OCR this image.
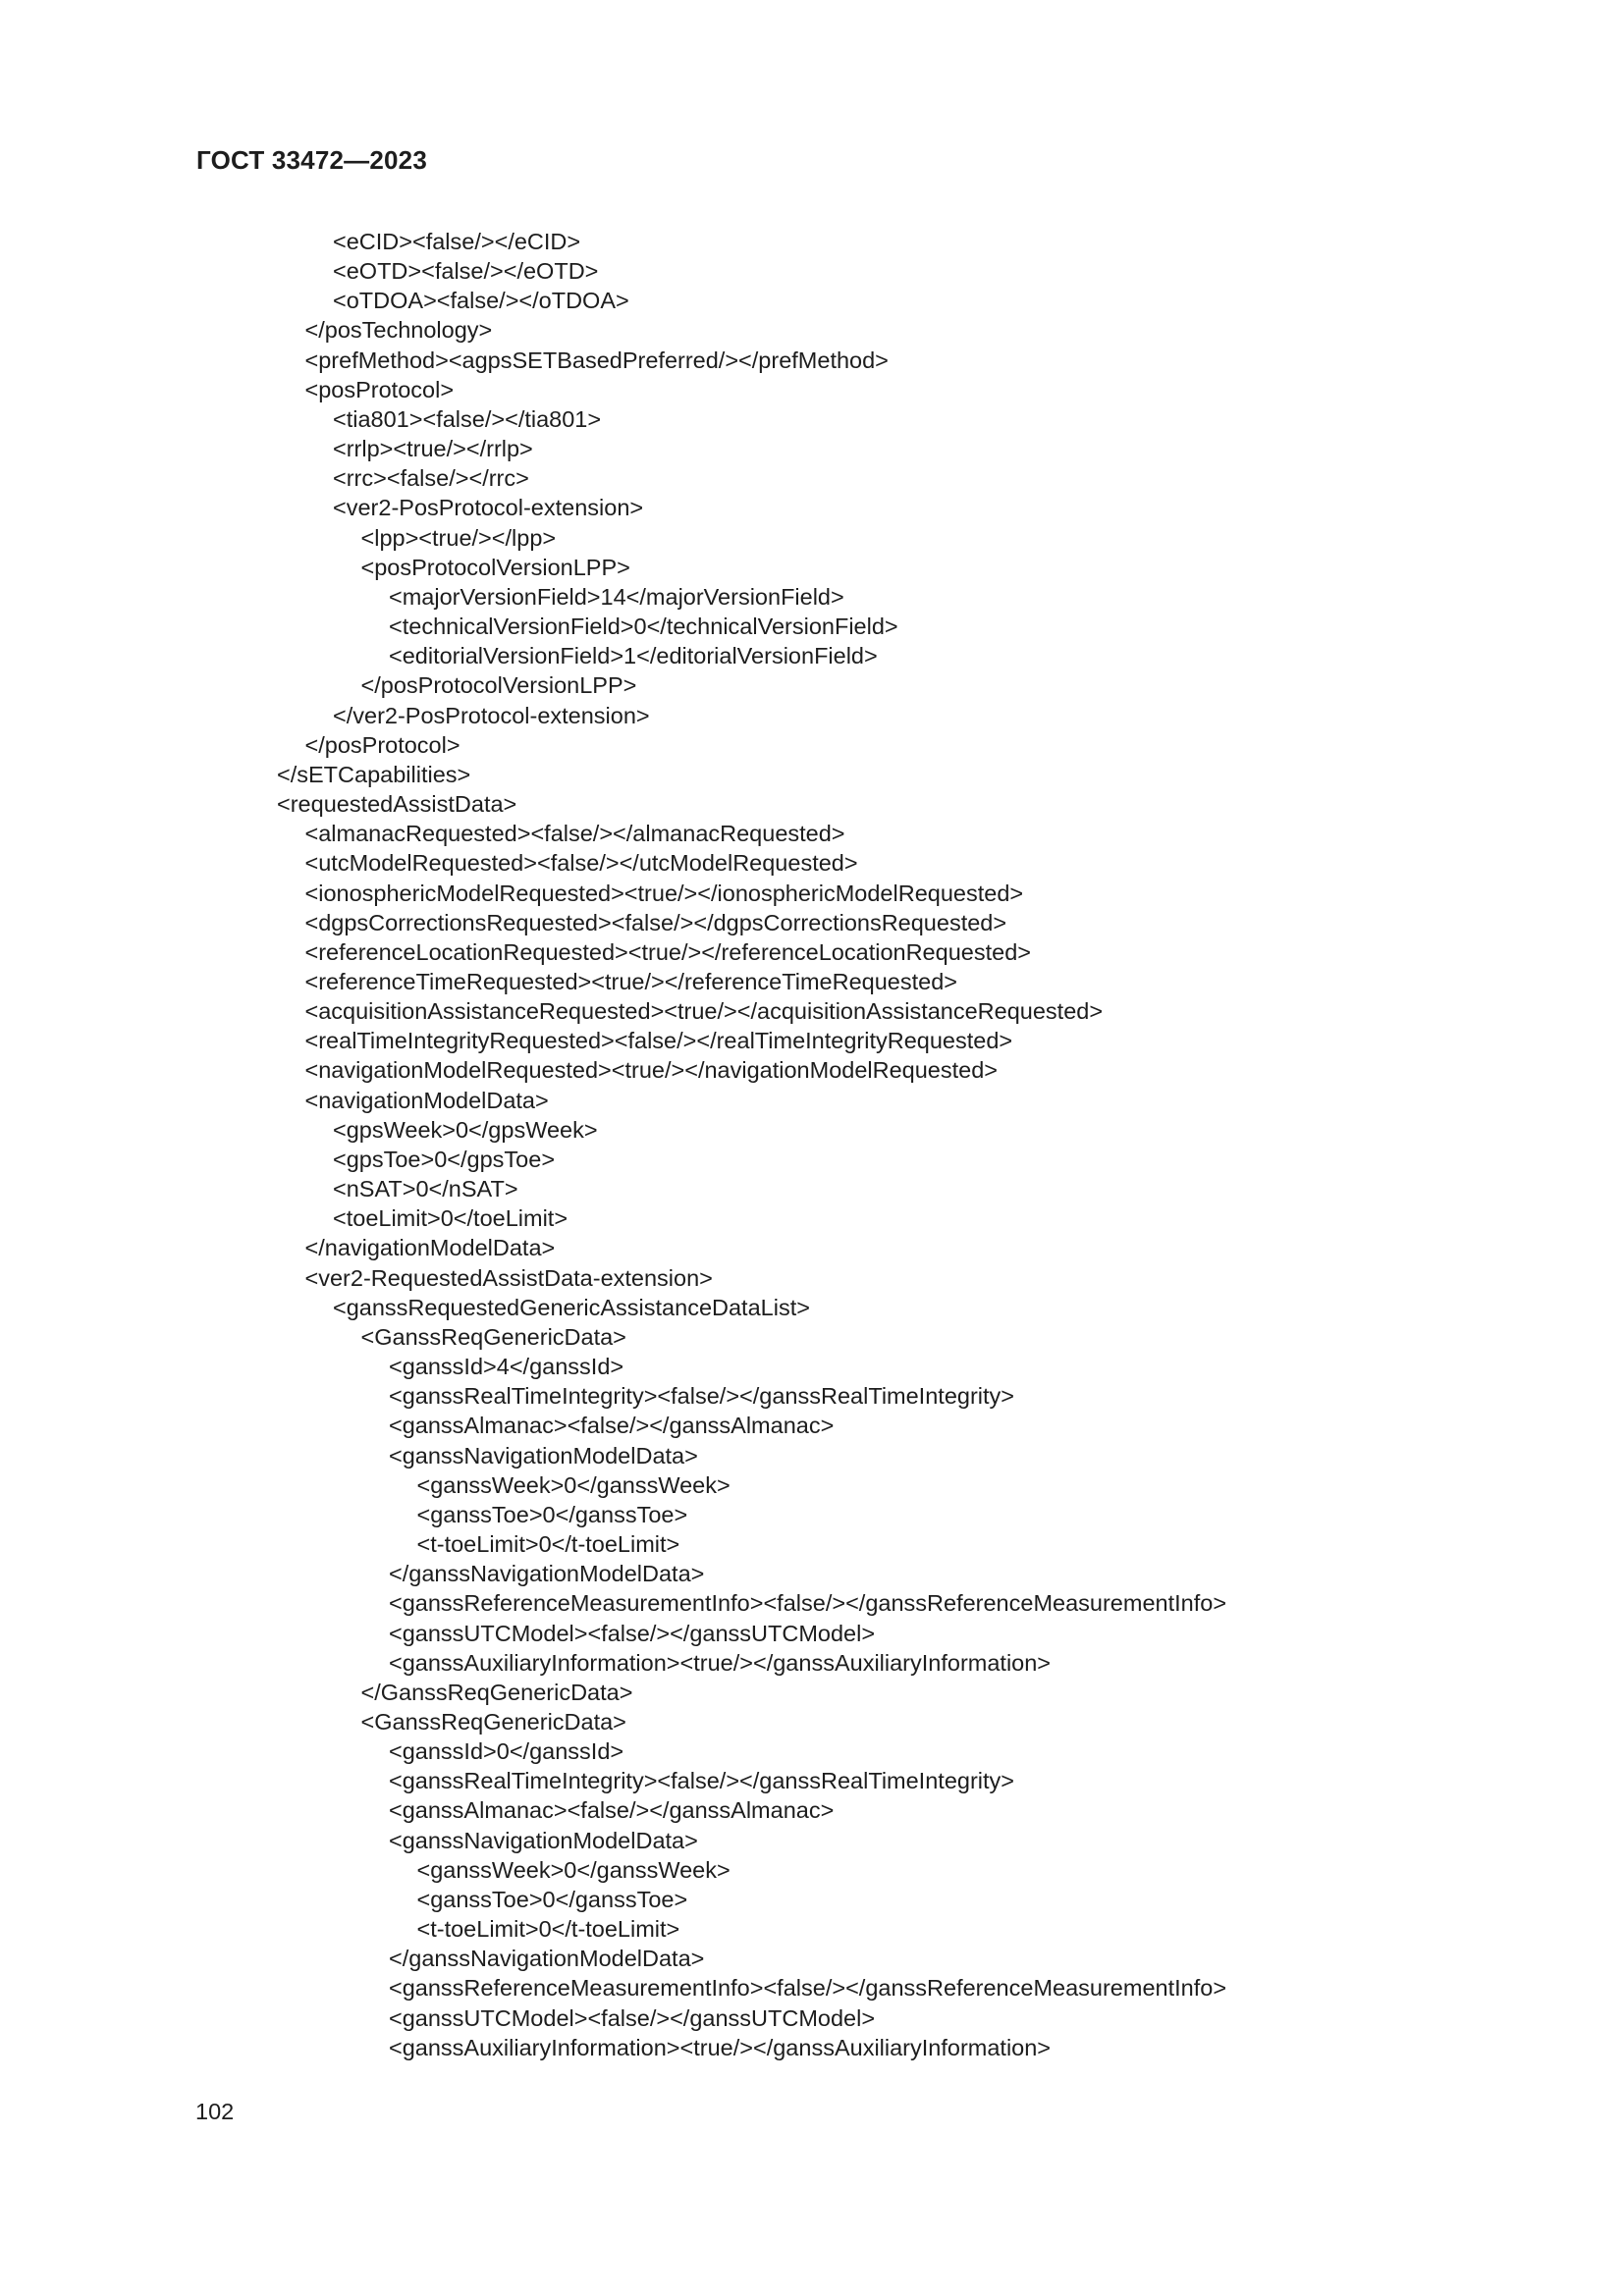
ГОСТ 33472—2023
<eCID><false/></eCID>
<eOTD><false/></eOTD>
<oTDOA><false/></oTDOA>
</posTechnology>
<prefMethod><agpsSETBasedPreferred/></prefMethod>
<posProtocol>
<tia801><false/></tia801>
<rrlp><true/></rrlp>
<rrc><false/></rrc>
<ver2-PosProtocol-extension>
<lpp><true/></lpp>
<posProtocolVersionLPP>
<majorVersionField>14</majorVersionField>
<technicalVersionField>0</technicalVersionField>
<editorialVersionField>1</editorialVersionField>
</posProtocolVersionLPP>
</ver2-PosProtocol-extension>
</posProtocol>
</sETCapabilities>
<requestedAssistData>
<almanacRequested><false/></almanacRequested>
<utcModelRequested><false/></utcModelRequested>
<ionosphericModelRequested><true/></ionosphericModelRequested>
<dgpsCorrectionsRequested><false/></dgpsCorrectionsRequested>
<referenceLocationRequested><true/></referenceLocationRequested>
<referenceTimeRequested><true/></referenceTimeRequested>
<acquisitionAssistanceRequested><true/></acquisitionAssistanceRequested>
<realTimeIntegrityRequested><false/></realTimeIntegrityRequested>
<navigationModelRequested><true/></navigationModelRequested>
<navigationModelData>
<gpsWeek>0</gpsWeek>
<gpsToe>0</gpsToe>
<nSAT>0</nSAT>
<toeLimit>0</toeLimit>
</navigationModelData>
<ver2-RequestedAssistData-extension>
<ganssRequestedGenericAssistanceDataList>
<GanssReqGenericData>
<ganssId>4</ganssId>
<ganssRealTimeIntegrity><false/></ganssRealTimeIntegrity>
<ganssAlmanac><false/></ganssAlmanac>
<ganssNavigationModelData>
<ganssWeek>0</ganssWeek>
<ganssToe>0</ganssToe>
<t-toeLimit>0</t-toeLimit>
</ganssNavigationModelData>
<ganssReferenceMeasurementInfo><false/></ganssReferenceMeasurementInfo>
<ganssUTCModel><false/></ganssUTCModel>
<ganssAuxiliaryInformation><true/></ganssAuxiliaryInformation>
</GanssReqGenericData>
<GanssReqGenericData>
<ganssId>0</ganssId>
<ganssRealTimeIntegrity><false/></ganssRealTimeIntegrity>
<ganssAlmanac><false/></ganssAlmanac>
<ganssNavigationModelData>
<ganssWeek>0</ganssWeek>
<ganssToe>0</ganssToe>
<t-toeLimit>0</t-toeLimit>
</ganssNavigationModelData>
<ganssReferenceMeasurementInfo><false/></ganssReferenceMeasurementInfo>
<ganssUTCModel><false/></ganssUTCModel>
<ganssAuxiliaryInformation><true/></ganssAuxiliaryInformation>
102
